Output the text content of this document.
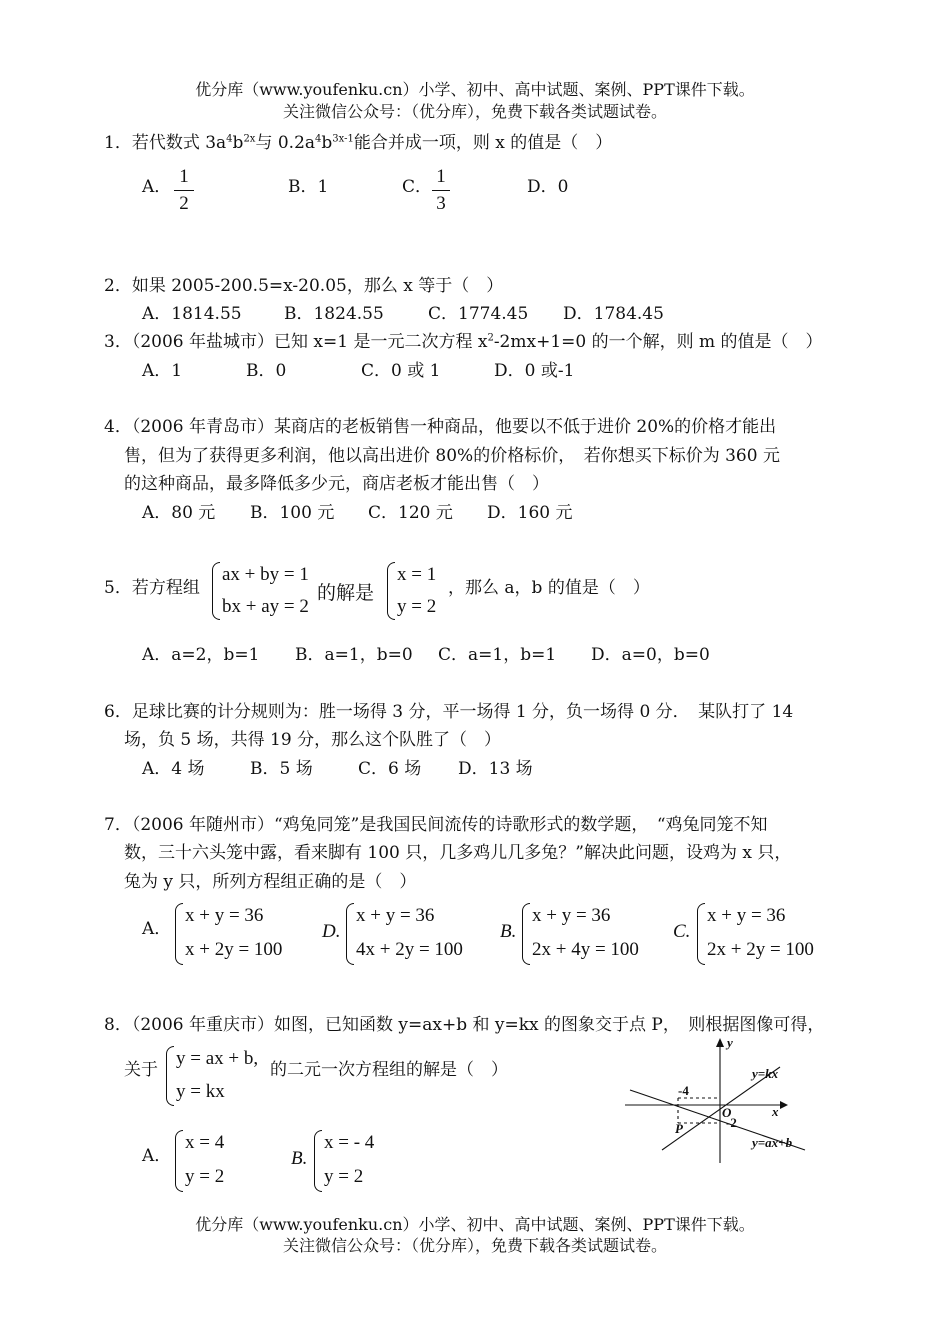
优分库（www.youfenku.cn）小学、初中、高中试题、案例、PPT课件下载。
关注微信公众号：（优分库），免费下载各类试题试卷。
1．若代数式 $3a^4b^{2x}$与 $0.2a^4b^{3x-1}$能合并成一项，则 x 的值是（　）
A． 1
2
B．1	C． 1
3
D．0
2．如果 2005-200.5=x-20.05，那么 x 等于（　）
A．1814.55 B．1824.55	C．1774.45 D．1784.45
3．（2006 年盐城市）已知 x=1 是一元二次方程 $x^2-2mx+1=0$ 的一个解，则 m 的值是（　）
A．1	B．0	C．0 或 1	D．0 或-1
4．（2006 年青岛市）某商店的老板销售一种商品，他要以不低于进价 20%的价格才能出
售，但为了获得更多利润，他以高出进价 80%的价格标价，　若你想买下标价为 360 元
的这种商品，最多降低多少元，商店老板才能出售（　）
A．80 元 B．100 元 C．120 元 D．160 元
5．若方程组
ax + by = 1
bx + ay = 2
的解是
x = 1
y = 2
，那么 a，b 的值是（　）
A．a=2，b=1 B．a=1，b=0 C．a=1，b=1 D．a=0，b=0
6．足球比赛的计分规则为：胜一场得 3 分，平一场得 1 分，负一场得 0 分．　某队打了 14
场，负 5 场，共得 19 分，那么这个队胜了（　）
A．4 场	B．5 场	C．6 场 D．13 场
7．（2006 年随州市）“鸡兔同笼”是我国民间流传的诗歌形式的数学题，　“鸡兔同笼不知
数，三十六头笼中露，看来脚有 100 只，几多鸡儿几多兔？”解决此问题，设鸡为 x 只，
兔为 y 只，所列方程组正确的是（　）
A．
x + y = 36
x + 2y = 100
D.
x + y = 36
4x + 2y = 100
B.
x + y = 36
2x + 4y = 100
C.
x + y = 36
2x + 2y = 100
8．（2006 年重庆市）如图，已知函数 y=ax+b 和 y=kx 的图象交于点 P，　则根据图像可得，
关于
y = ax + b,
y = kx
的二元一次方程组的解是（　）
A．
x = 4
y = 2
B.
x = - 4
y = 2
y
x
O
P
-4
-2
y=kx
y=ax+b
优分库（www.youfenku.cn）小学、初中、高中试题、案例、PPT课件下载。
关注微信公众号：（优分库），免费下载各类试题试卷。
